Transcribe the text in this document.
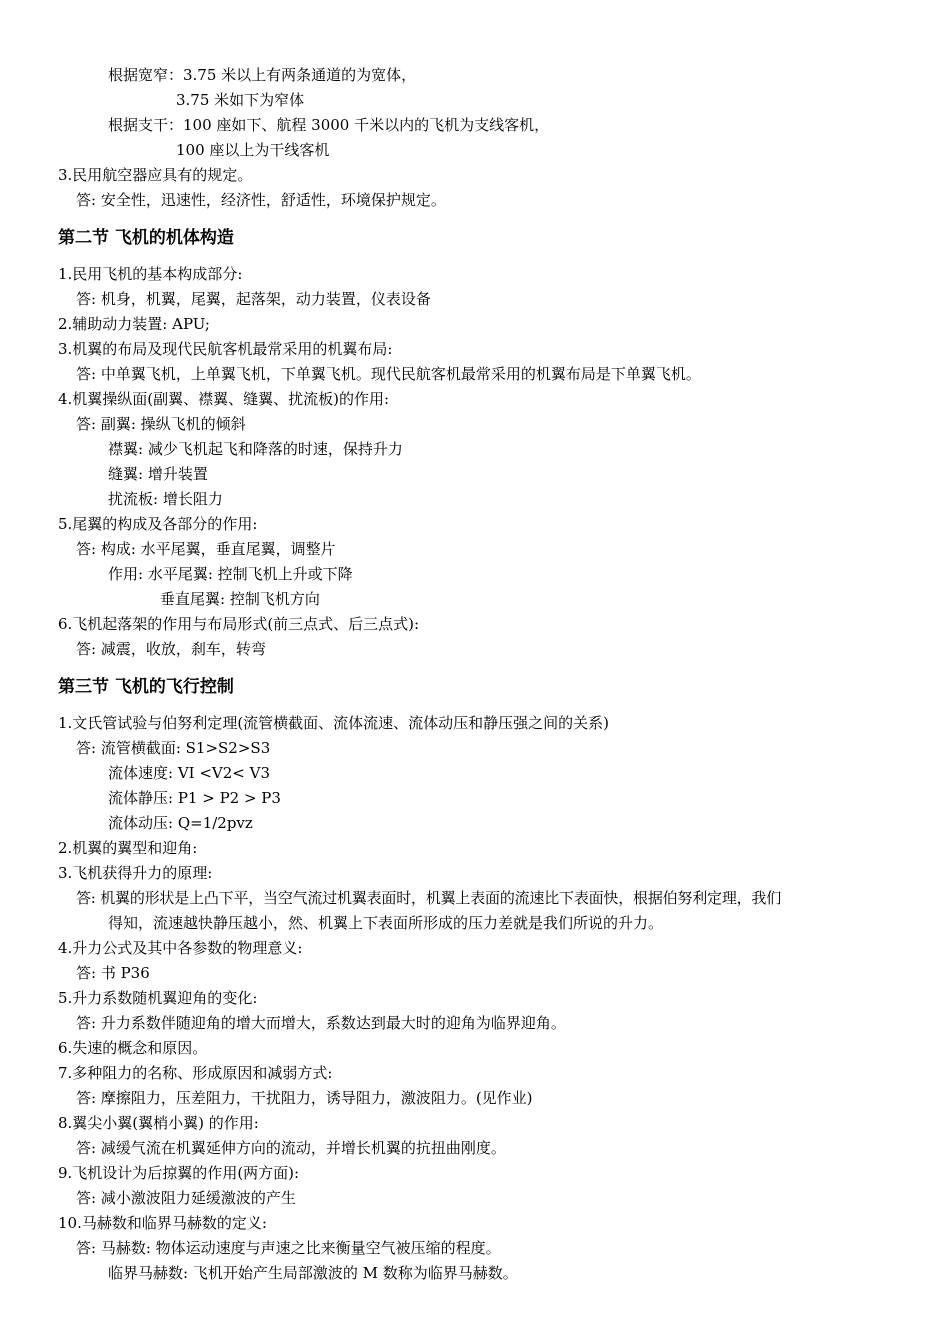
根据宽窄：3.75 米以上有两条通道的为宽体，
3.75 米如下为窄体
根据支干：100 座如下、航程 3000 千米以内的飞机为支线客机，
100 座以上为干线客机
3.民用航空器应具有的规定。
答: 安全性，迅速性，经济性，舒适性，环境保护规定。
第二节 飞机的机体构造
1.民用飞机的基本构成部分:
答: 机身，机翼，尾翼，起落架，动力装置，仪表设备
2.辅助动力装置: APU;
3.机翼的布局及现代民航客机最常采用的机翼布局:
答: 中单翼飞机，上单翼飞机，下单翼飞机。现代民航客机最常采用的机翼布局是下单翼飞机。
4.机翼操纵面(副翼、襟翼、缝翼、扰流板)的作用:
答: 副翼: 操纵飞机的倾斜
襟翼: 减少飞机起飞和降落的时速，保持升力
缝翼: 增升装置
扰流板: 增长阻力
5.尾翼的构成及各部分的作用:
答: 构成: 水平尾翼，垂直尾翼，调整片
作用: 水平尾翼: 控制飞机上升或下降
垂直尾翼: 控制飞机方向
6.飞机起落架的作用与布局形式(前三点式、后三点式):
答: 减震，收放，刹车，转弯
第三节 飞机的飞行控制
1.文氏管试验与伯努利定理(流管横截面、流体流速、流体动压和静压强之间的关系)
答: 流管横截面: S1>S2>S3
流体速度: VI <V2< V3
流体静压: P1 > P2 > P3
流体动压: Q=1/2pvz
2.机翼的翼型和迎角:
3.飞机获得升力的原理:
答: 机翼的形状是上凸下平，当空气流过机翼表面时，机翼上表面的流速比下表面快，根据伯努利定理，我们
得知，流速越快静压越小，然、机翼上下表面所形成的压力差就是我们所说的升力。
4.升力公式及其中各参数的物理意义:
答: 书 P36
5.升力系数随机翼迎角的变化:
答: 升力系数伴随迎角的增大而增大，系数达到最大时的迎角为临界迎角。
6.失速的概念和原因。
7.多种阻力的名称、形成原因和减弱方式:
答: 摩擦阻力，压差阻力，干扰阻力，诱导阻力，激波阻力。(见作业)
8.翼尖小翼(翼梢小翼) 的作用:
答: 减缓气流在机翼延伸方向的流动，并增长机翼的抗扭曲刚度。
9.飞机设计为后掠翼的作用(两方面):
答: 减小激波阻力延缓激波的产生
10.马赫数和临界马赫数的定义:
答: 马赫数: 物体运动速度与声速之比来衡量空气被压缩的程度。
临界马赫数: 飞机开始产生局部激波的 M 数称为临界马赫数。
